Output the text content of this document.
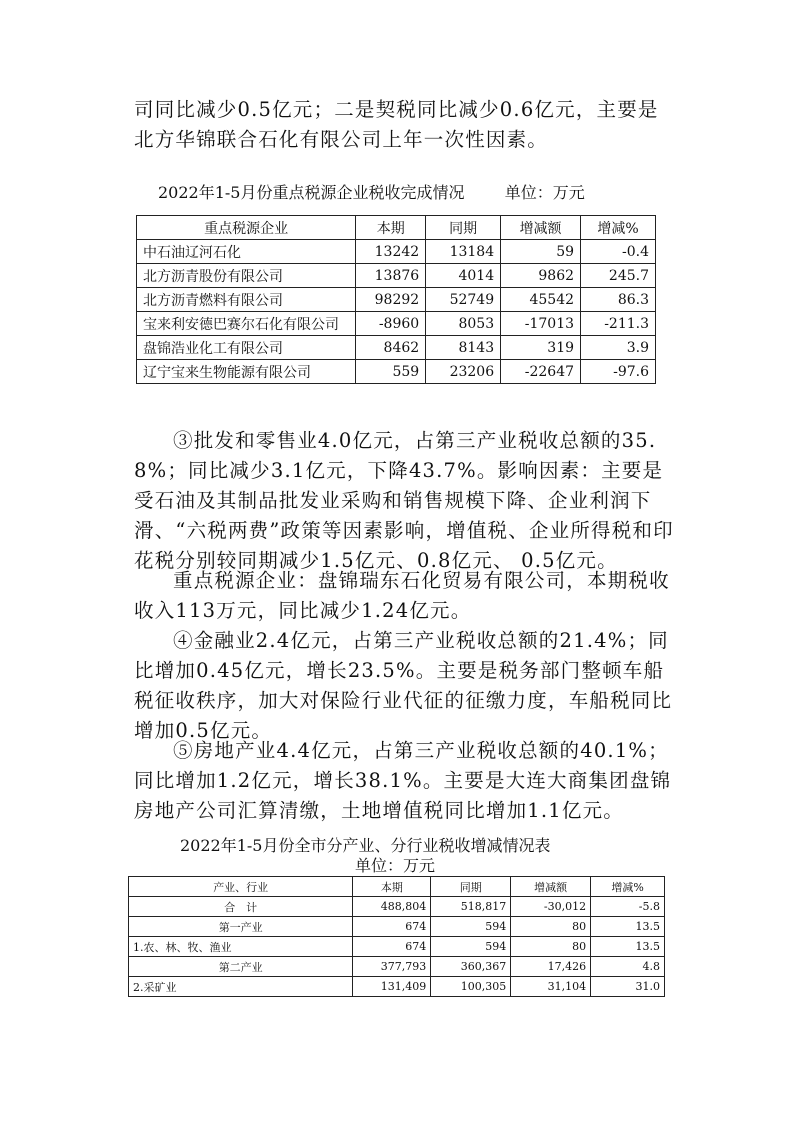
司同比减少0.5亿元；二是契税同比减少0.6亿元，主要是北方华锦联合石化有限公司上年一次性因素。

2022年1-5月份重点税源企业税收完成情况	单位：万元
重点税源企业	本期	同期	增减额	增减%
中石油辽河石化	13242	13184	59	-0.4
北方沥青股份有限公司	13876	4014	9862	245.7
北方沥青燃料有限公司	98292	52749	45542	86.3
宝来利安德巴赛尔石化有限公司	-8960	8053	-17013	-211.3
盘锦浩业化工有限公司	8462	8143	319	3.9
辽宁宝来生物能源有限公司	559	23206	-22647	-97.6

③批发和零售业4.0亿元，占第三产业税收总额的35.8%；同比减少3.1亿元，下降43.7%。影响因素：主要是受石油及其制品批发业采购和销售规模下降、企业利润下滑、“六税两费”政策等因素影响，增值税、企业所得税和印花税分别较同期减少1.5亿元、0.8亿元、 0.5亿元。

重点税源企业：盘锦瑞东石化贸易有限公司，本期税收收入113万元，同比减少1.24亿元。

④金融业2.4亿元，占第三产业税收总额的21.4%；同比增加0.45亿元，增长23.5%。主要是税务部门整顿车船税征收秩序，加大对保险行业代征的征缴力度，车船税同比增加0.5亿元。

⑤房地产业4.4亿元，占第三产业税收总额的40.1%；同比增加1.2亿元，增长38.1%。主要是大连大商集团盘锦房地产公司汇算清缴，土地增值税同比增加1.1亿元。

2022年1-5月份全市分产业、分行业税收增减情况表
单位：万元
产业、行业	本期	同期	增减额	增减%
合　计	488,804	518,817	-30,012	-5.8
第一产业	674	594	80	13.5
1.农、林、牧、渔业	674	594	80	13.5
第二产业	377,793	360,367	17,426	4.8
2.采矿业	131,409	100,305	31,104	31.0
